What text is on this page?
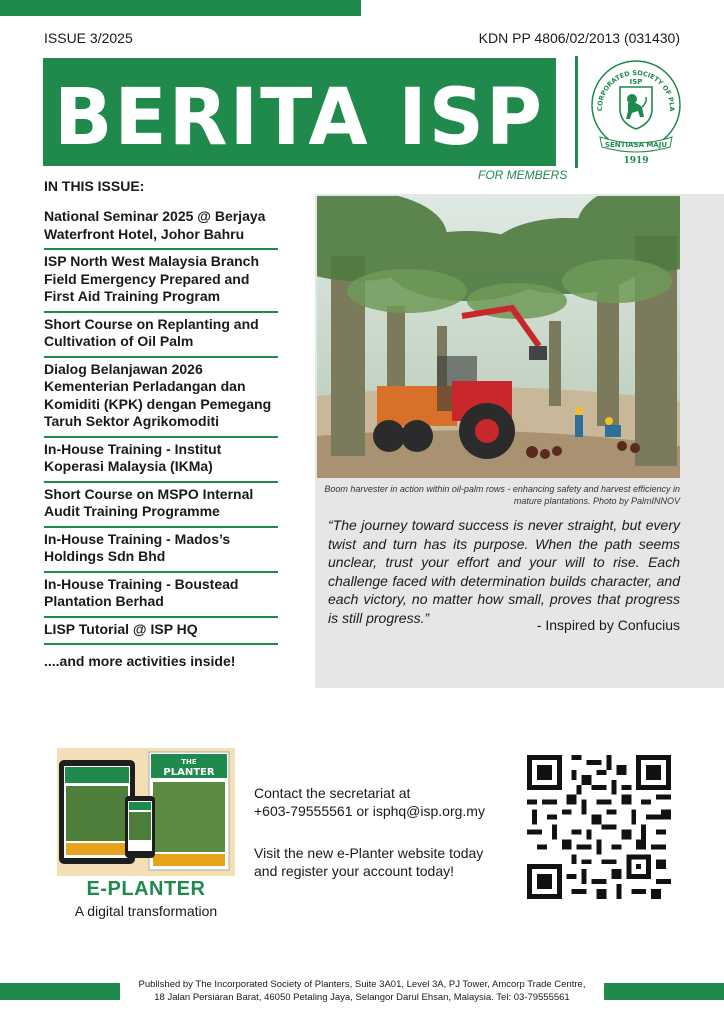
ISSUE 3/2025	KDN PP 4806/02/2013 (031430)
BERITA ISP
FOR MEMBERS
CORPORATED SOCIETY OF PLA
ISP
SENTIASA MAJU
1919
IN THIS ISSUE:
National Seminar 2025 @ Berjaya Waterfront Hotel, Johor Bahru
ISP North West Malaysia Branch Field Emergency Prepared and First Aid Training Program
Short Course on Replanting and Cultivation of Oil Palm
Dialog Belanjawan 2026 Kementerian Perladangan dan Komiditi (KPK) dengan Pemegang Taruh Sektor Agrikomoditi
In-House Training - Institut Koperasi Malaysia (IKMa)
Short Course on MSPO Internal Audit Training Programme
In-House Training - Mados’s Holdings Sdn Bhd
In-House Training - Boustead Plantation Berhad
LISP Tutorial @ ISP HQ
....and more activities inside!
Boom harvester in action within oil-palm rows - enhancing safety and harvest efficiency in mature plantations. Photo by PalmINNOV
“The journey toward success is never straight, but every twist and turn has its purpose. When the path seems unclear, trust your effort and your will to rise. Each challenge faced with determination builds character, and each victory, no matter how small, proves that progress is still progress.”	- Inspired by Confucius
THE
PLANTER
E-PLANTER
A digital transformation
Contact the secretariat at
+603-79555561 or isphq@isp.org.my
Visit the new e-Planter website today
and register your account today!
Published by The Incorporated Society of Planters, Suite 3A01, Level 3A, PJ Tower, Amcorp Trade Centre,
18 Jalan Persiaran Barat, 46050 Petaling Jaya, Selangor Darul Ehsan, Malaysia. Tel: 03-79555561
